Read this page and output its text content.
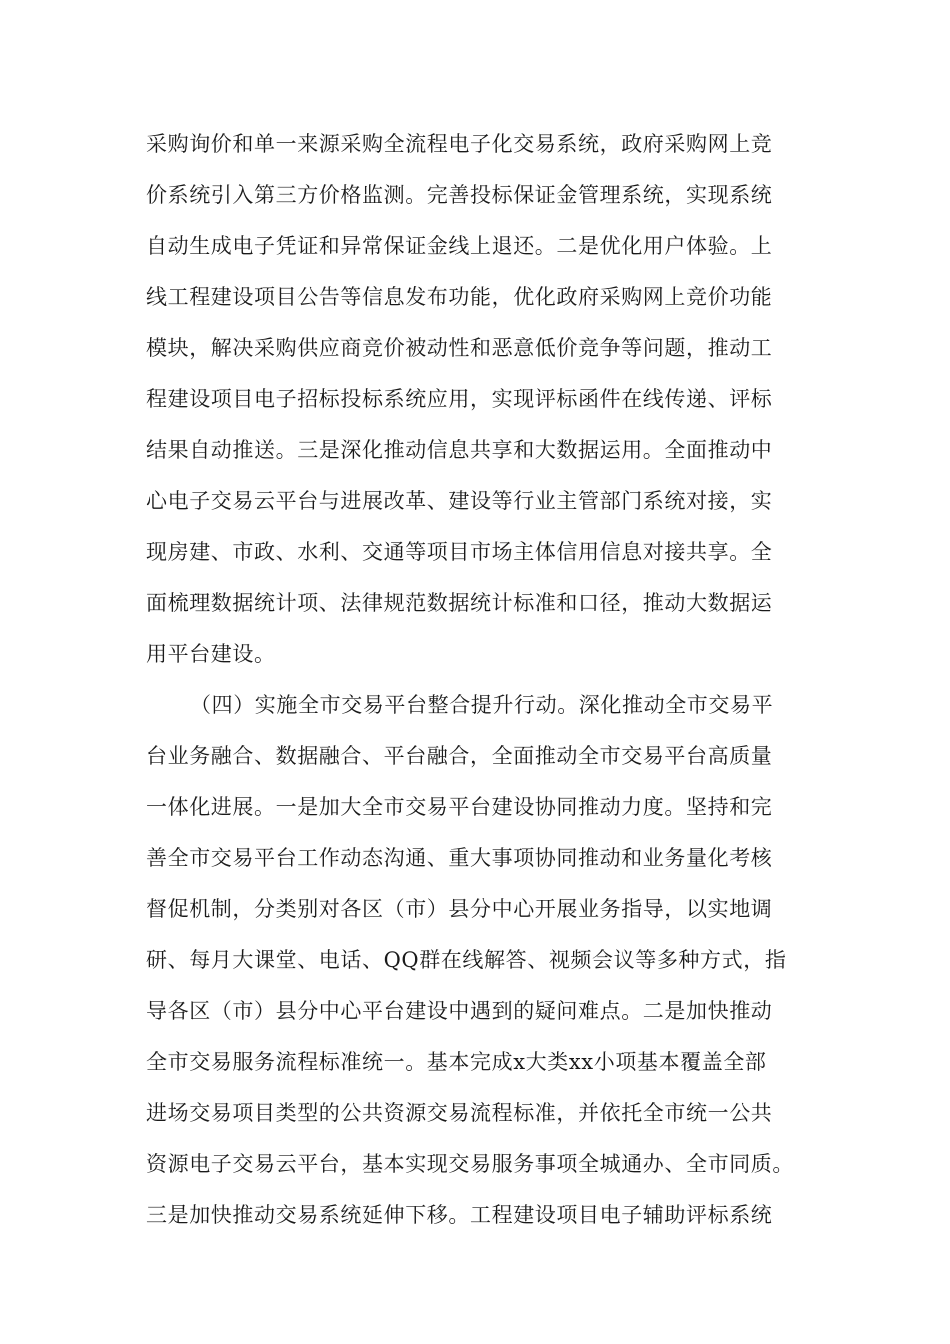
采购询价和单一来源采购全流程电子化交易系统，政府采购网上竞
价系统引入第三方价格监测。完善投标保证金管理系统，实现系统
自动生成电子凭证和异常保证金线上退还。二是优化用户体验。上
线工程建设项目公告等信息发布功能，优化政府采购网上竞价功能
模块，解决采购供应商竞价被动性和恶意低价竞争等问题，推动工
程建设项目电子招标投标系统应用，实现评标函件在线传递、评标
结果自动推送。三是深化推动信息共享和大数据运用。全面推动中
心电子交易云平台与进展改革、建设等行业主管部门系统对接，实
现房建、市政、水利、交通等项目市场主体信用信息对接共享。全
面梳理数据统计项、法律规范数据统计标准和口径，推动大数据运
用平台建设。
（四）实施全市交易平台整合提升行动。深化推动全市交易平
台业务融合、数据融合、平台融合，全面推动全市交易平台高质量
一体化进展。一是加大全市交易平台建设协同推动力度。坚持和完
善全市交易平台工作动态沟通、重大事项协同推动和业务量化考核
督促机制，分类别对各区（市）县分中心开展业务指导，以实地调
研、每月大课堂、电话、QQ群在线解答、视频会议等多种方式，指
导各区（市）县分中心平台建设中遇到的疑问难点。二是加快推动
全市交易服务流程标准统一。基本完成x大类xx小项基本覆盖全部
进场交易项目类型的公共资源交易流程标准，并依托全市统一公共
资源电子交易云平台，基本实现交易服务事项全城通办、全市同质。
三是加快推动交易系统延伸下移。工程建设项目电子辅助评标系统
